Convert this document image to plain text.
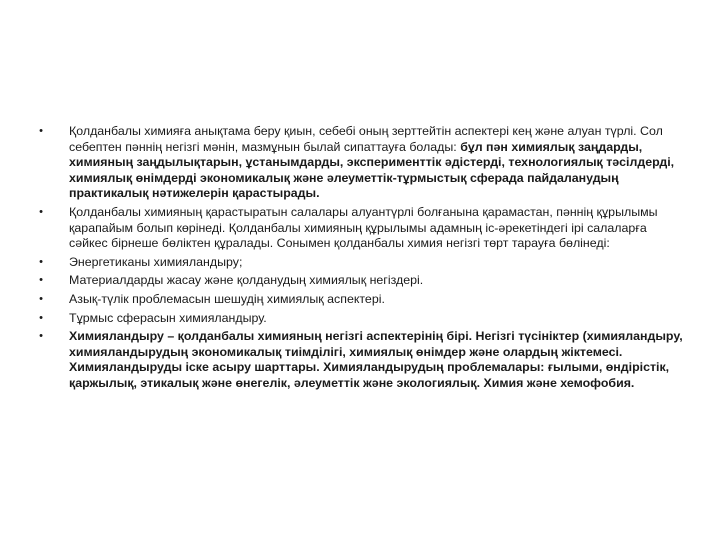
• Қолданбалы химияға анықтама беру қиын, себебі оның зерттейтін аспектері кең және алуан түрлі. Сол себептен пәннің негізгі мәнін, мазмұнын былай сипаттауға болады: бұл пән химиялық заңдарды, химияның заңдылықтарын, ұстанымдарды, эксперименттік әдістерді, технологиялық тәсілдерді, химиялық өнімдерді экономикалық және әлеуметтік-тұрмыстық сферада пайдаланудың практикалық нәтижелерін қарастырады.
• Қолданбалы химияның қарастыратын салалары алуантүрлі болғанына қарамастан, пәннің құрылымы қарапайым болып көрінеді. Қолданбалы химияның құрылымы адамның іс-әрекетіндегі ірі салаларға сәйкес бірнеше бөліктен құралады. Сонымен қолданбалы химия негізгі төрт тарауға бөлінеді:
• Энергетиканы химияландыру;
• Материалдарды жасау және қолданудың химиялық негіздері.
• Азық-түлік проблемасын шешудің химиялық аспектері.
• Тұрмыс сферасын химияландыру.
• Химияландыру – қолданбалы химияның негізгі аспектерінің бірі. Негізгі түсініктер (химияландыру, химияландырудың экономикалық тиімділігі, химиялық өнімдер және олардың жіктемесі. Химияландыруды іске асыру шарттары. Химияландырудың проблемалары: ғылыми, өндірістік, қаржылық, этикалық және өнегелік, әлеуметтік және экологиялық. Химия және хемофобия.
